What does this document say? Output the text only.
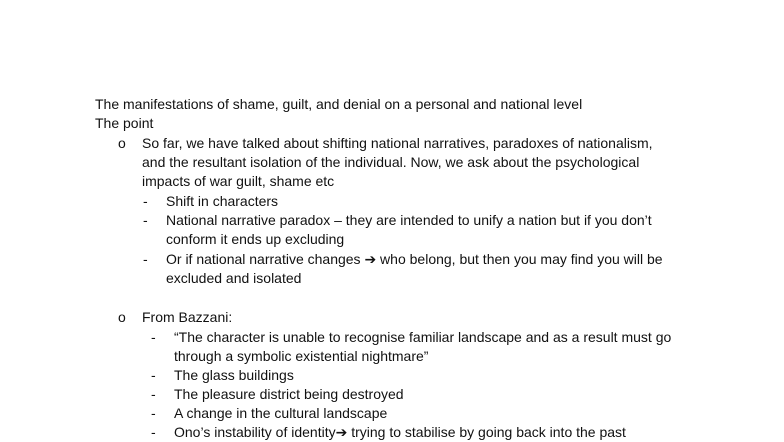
The manifestations of shame, guilt, and denial on a personal and national level
The point
o So far, we have talked about shifting national narratives, paradoxes of nationalism,
and the resultant isolation of the individual. Now, we ask about the psychological
impacts of war guilt, shame etc
- Shift in characters
- National narrative paradox – they are intended to unify a nation but if you don’t
conform it ends up excluding
- Or if national narrative changes ➔ who belong, but then you may find you will be
excluded and isolated
o From Bazzani:
- “The character is unable to recognise familiar landscape and as a result must go
through a symbolic existential nightmare”
- The glass buildings
- The pleasure district being destroyed
- A change in the cultural landscape
- Ono’s instability of identity➔ trying to stabilise by going back into the past
